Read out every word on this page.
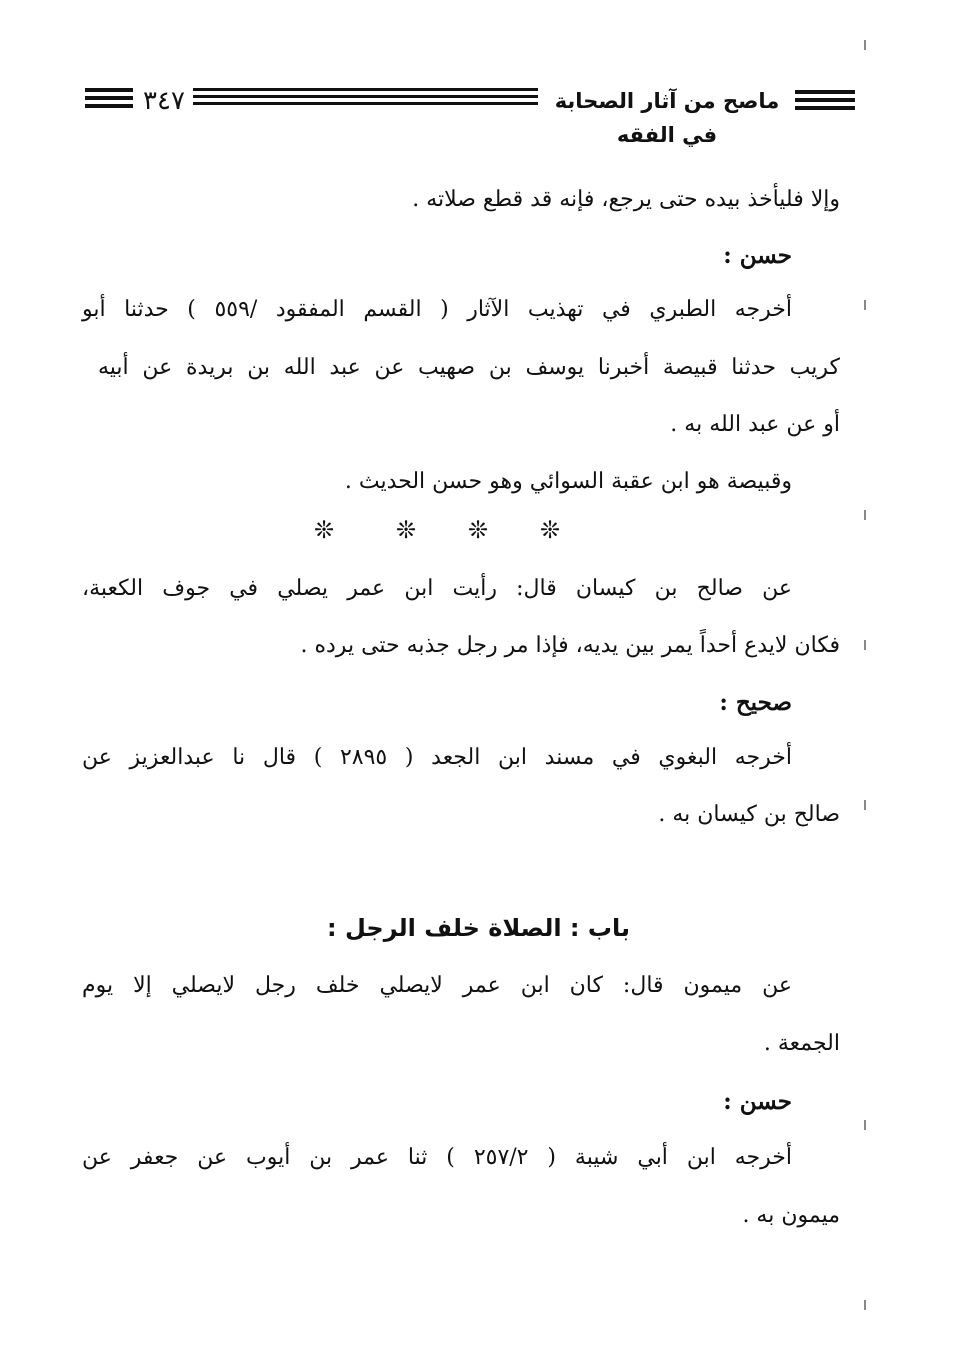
٣٤٧	ماصح من آثار الصحابة في الفقه
وإلا فليأخذ بيده حتى يرجع، فإنه قد قطع صلاته .
حسن :
أخرجه الطبري في تهذيب الآثار ( القسم المفقود /٥٥٩ ) حدثنا أبو
كريب حدثنا قبيصة أخبرنا يوسف بن صهيب عن عبد الله بن بريدة عن أبيه
أو عن عبد الله به .
وقبيصة هو ابن عقبة السوائي وهو حسن الحديث .
❊	❊ ❊ ❊
عن صالح بن كيسان قال: رأيت ابن عمر يصلي في جوف الكعبة،
فكان لايدع أحداً يمر بين يديه، فإذا مر رجل جذبه حتى يرده .
صحيح :
أخرجه البغوي في مسند ابن الجعد ( ٢٨٩٥ ) قال نا عبدالعزيز عن
صالح بن كيسان به .
باب : الصلاة خلف الرجل :
عن ميمون قال: كان ابن عمر لايصلي خلف رجل لايصلي إلا يوم
الجمعة .
حسن :
أخرجه ابن أبي شيبة ( ٢٥٧/٢ ) ثنا عمر بن أيوب عن جعفر عن
ميمون به .
